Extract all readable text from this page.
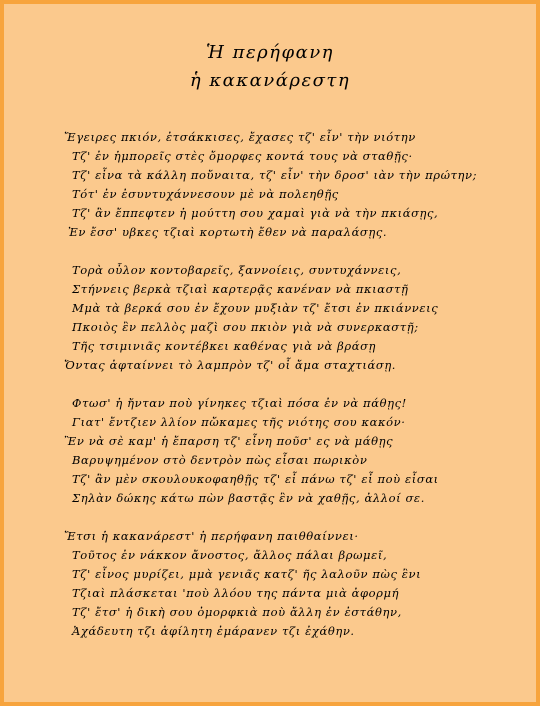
Ἡ περήφανη
ἡ κακανάρεστη
Ἔγειρες πκιόν, ἐτσάκκισες, ἔχασες τζ' εἶν' τὴν νιότην
Τζ' ἐν ἠμπορεῖς στὲς ὄμορφες κοντά τους νὰ σταθῇς·
Τζ' εἶνα τὰ κάλλη ποὔναιτα, τζ' εἶν' τὴν δροσ' ιὰν τὴν πρώτην;
Τότ' ἐν ἐσυντυχάννεσουν μὲ νὰ πολεηθῇς
Τζ' ἂν ἔππεφτεν ἡ μούττη σου χαμαὶ γιὰ νὰ τὴν πκιάσῃς,
Ἐν ἔσσ' υβκες τζιαὶ κορτωτὴ ἔθεν νὰ παραλάσῃς.
Τορὰ οὖλον κοντοβαρεῖς, ξαννοίεις, συντυχάννεις,
Στήννεις βερκὰ τζιαὶ καρτερᾷς κανέναν νὰ πκιαστῇ
Μμὰ τὰ βερκά σου ἐν ἔχουν μυξιὰν τζ' ἔτσι ἐν πκιάννεις
Πκοιὸς ἒν πελλὸς μαζὶ σου πκιὸν γιὰ νὰ συνερκαστῇ;
Τῆς τσιμινιᾶς κοντέβκει καθένας γιὰ νὰ βράσῃ
Ὄντας ἀφταίννει τὸ λαμπρὸν τζ' οἷ ἄμα σταχτιάσῃ.
Φτωσ' ἡ ἤνταν ποὺ γίνηκες τζιαὶ πόσα ἐν νὰ πάθῃς!
Γιατ' ἔντζιεν λλίον πὤκαμες τῆς νιότης σου κακόν·
Ἒν νὰ σὲ καμ' ἡ ἔπαρση τζ' εἶνη ποῦσ' ες νὰ μάθῃς
Βαρυψημένον στὸ δεντρὸν πὼς εἶσαι πωρικὸν
Τζ' ἂν μὲν σκουλουκοφαηθῇς τζ' εἶ πάνω τζ' εἶ ποὺ εἶσαι
Σηλὰν δώκης κάτω πὼν βαστᾷς ἒν νὰ χαθῇς, ἀλλοί σε.
Ἔτσι ἡ κακανάρεστ' ἡ περήφανη παιθθαίννει·
Τοῦτος ἐν νάκκον ἄνοστος, ἄλλος πάλαι βρωμεῖ,
Τζ' εἶνος μυρίζει, μμὰ γενιᾶς κατζ' ῆς λαλοῦν πὼς ἒνι
Τζιαὶ πλάσκεται 'ποὺ λλόου της πάντα μιὰ ἀφορμή
Τζ' ἔτσ' ἡ δικὴ σου ὀμορφκιὰ ποὺ ἄλλη ἐν ἐστάθην,
Ἀχάδευτη τζι ἀφίλητη ἐμάρανεν τζι ἐχάθην.
